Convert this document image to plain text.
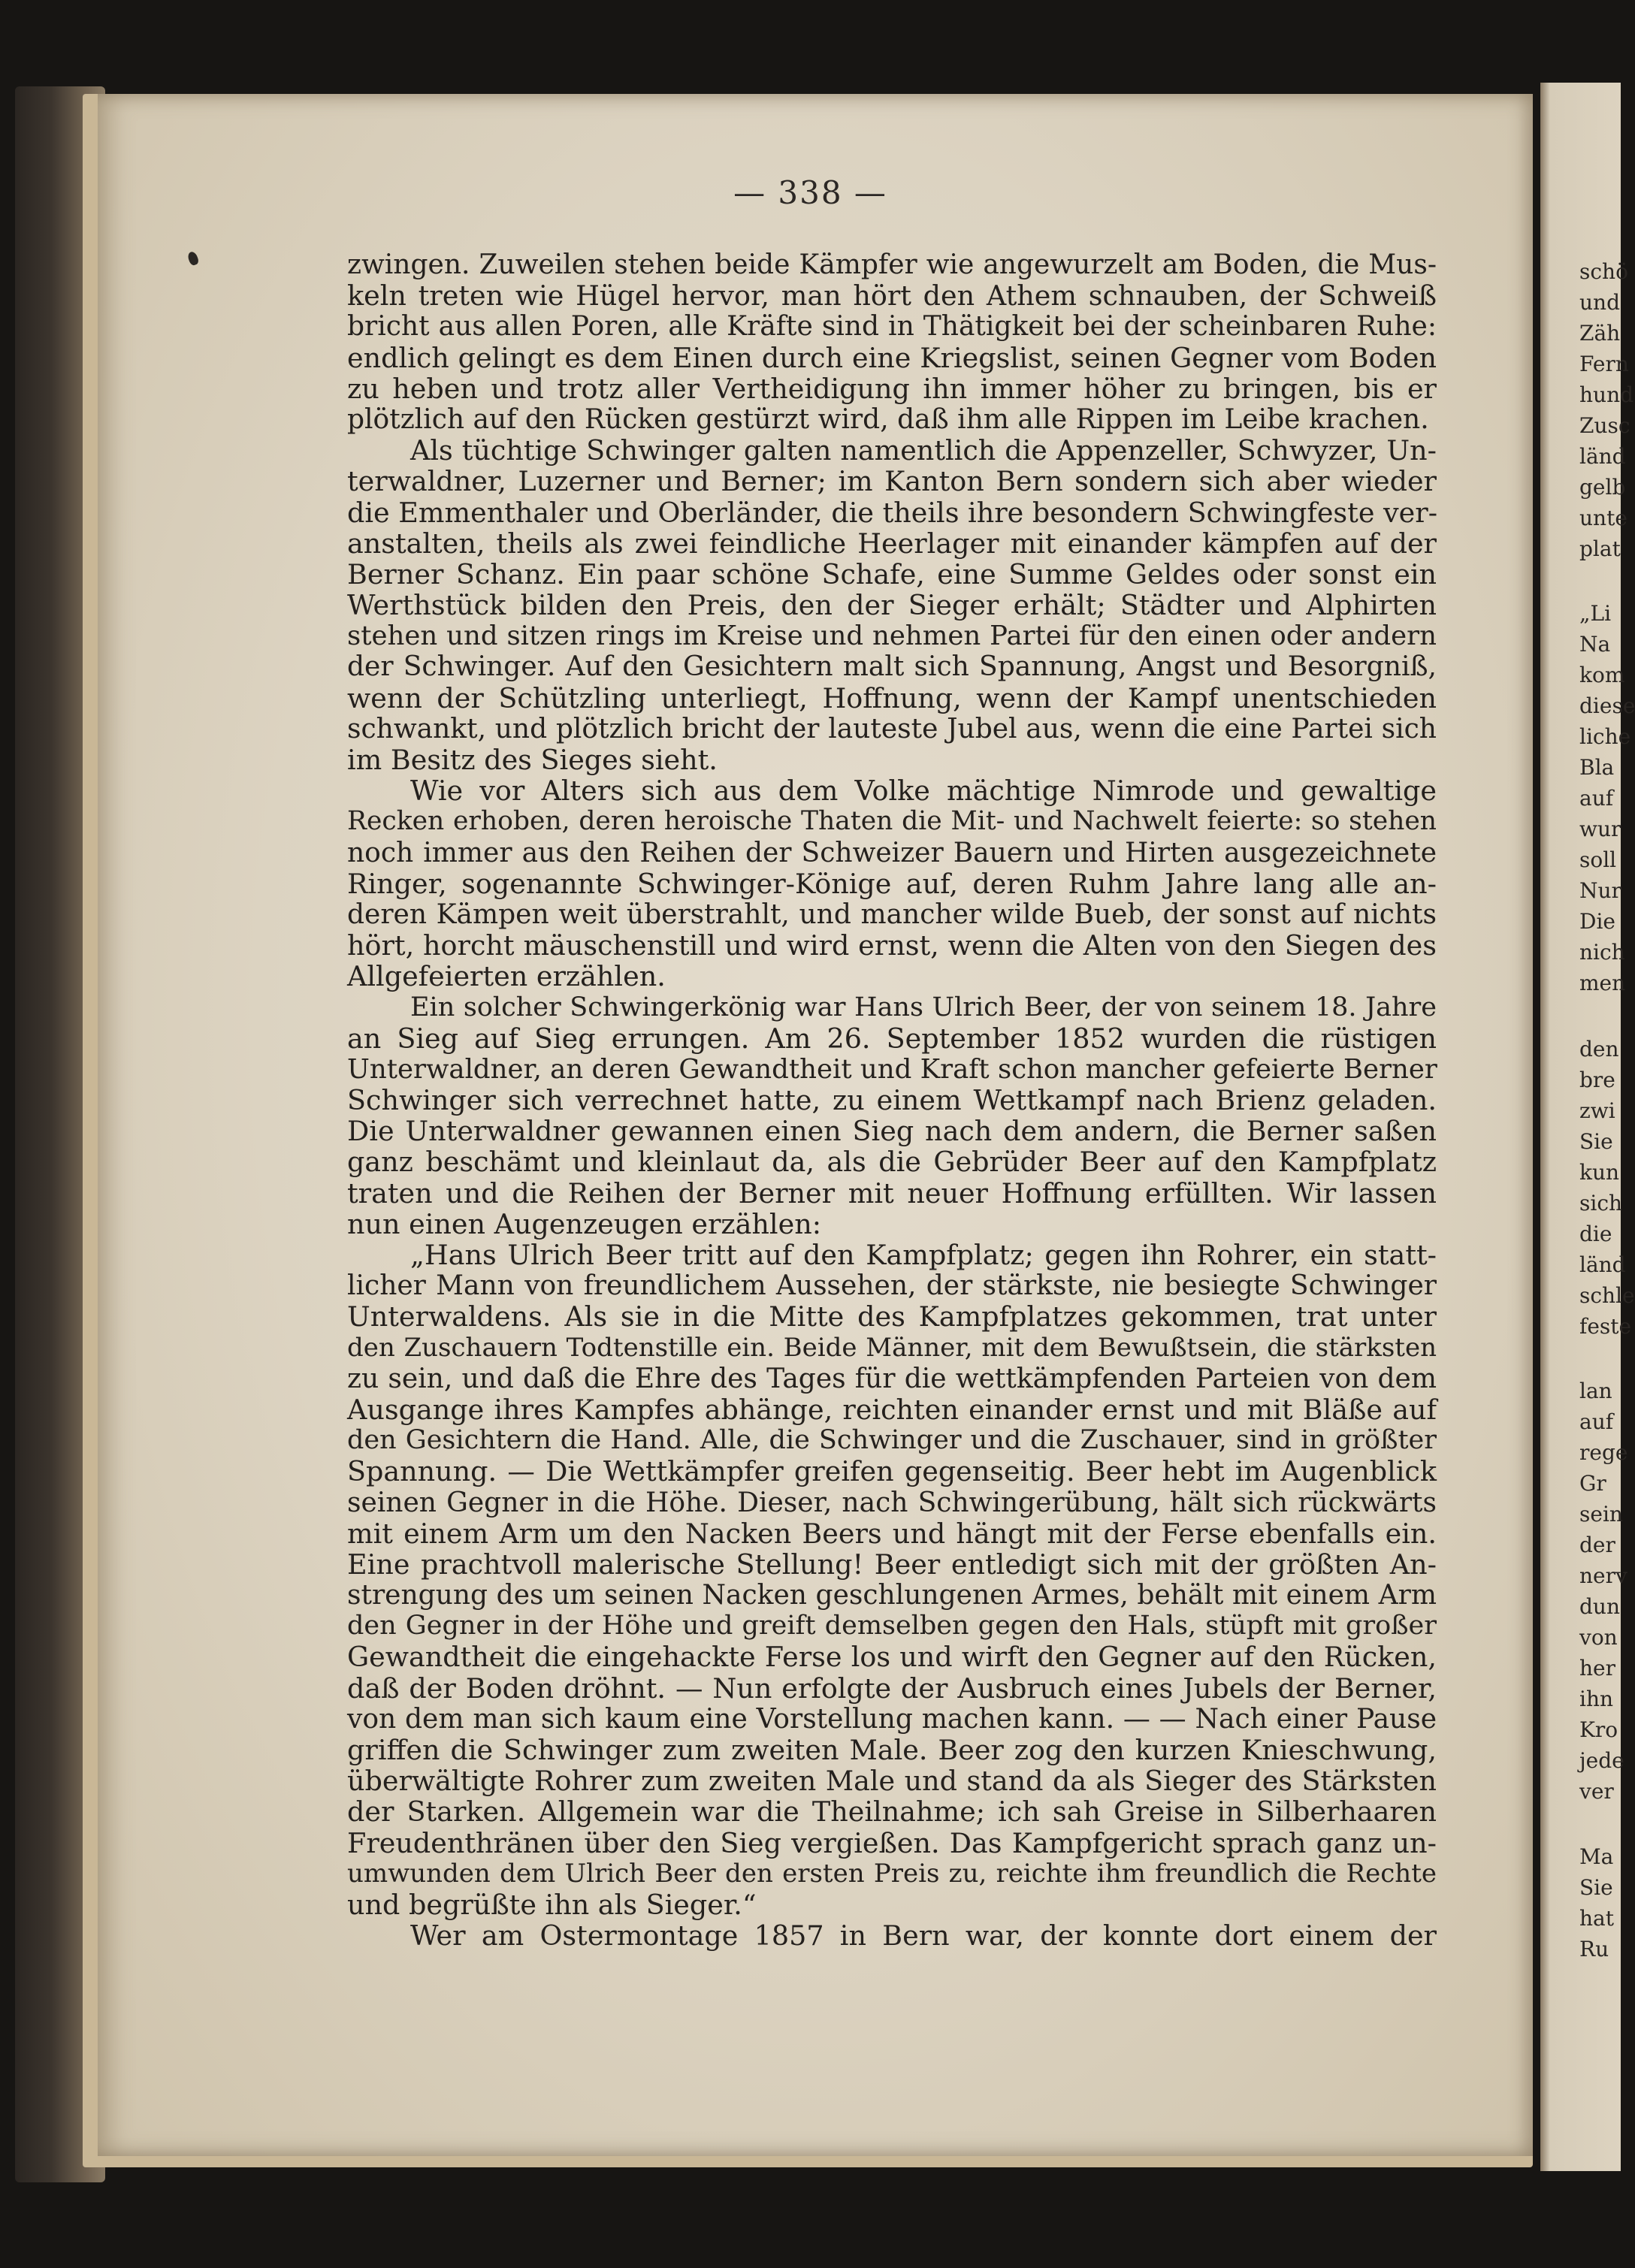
schö
und
Zäh
Fern
hund
Zusc
länd
gelb
unte
plat
„Li
Na
kom
diese
liche
Bla
auf
wur
soll
Nur
Die
nich
men
den
bre
zwi
Sie
kun
sich
die
länd
schle
feste
lan
auf
rege
Gr
sein
der
nerv
dun
von
her
ihn
Kro
jede
ver
Ma
Sie
hat
Ru
— 338 —
zwingen. Zuweilen stehen beide Kämpfer wie angewurzelt am Boden, die Mus-
keln treten wie Hügel hervor, man hört den Athem schnauben, der Schweiß
bricht aus allen Poren, alle Kräfte sind in Thätigkeit bei der scheinbaren Ruhe:
endlich gelingt es dem Einen durch eine Kriegslist, seinen Gegner vom Boden
zu heben und trotz aller Vertheidigung ihn immer höher zu bringen, bis er
plötzlich auf den Rücken gestürzt wird, daß ihm alle Rippen im Leibe krachen.
Als tüchtige Schwinger galten namentlich die Appenzeller, Schwyzer, Un-
terwaldner, Luzerner und Berner; im Kanton Bern sondern sich aber wieder
die Emmenthaler und Oberländer, die theils ihre besondern Schwingfeste ver-
anstalten, theils als zwei feindliche Heerlager mit einander kämpfen auf der
Berner Schanz. Ein paar schöne Schafe, eine Summe Geldes oder sonst ein
Werthstück bilden den Preis, den der Sieger erhält; Städter und Alphirten
stehen und sitzen rings im Kreise und nehmen Partei für den einen oder andern
der Schwinger. Auf den Gesichtern malt sich Spannung, Angst und Besorgniß,
wenn der Schützling unterliegt, Hoffnung, wenn der Kampf unentschieden
schwankt, und plötzlich bricht der lauteste Jubel aus, wenn die eine Partei sich
im Besitz des Sieges sieht.
Wie vor Alters sich aus dem Volke mächtige Nimrode und gewaltige
Recken erhoben, deren heroische Thaten die Mit- und Nachwelt feierte: so stehen
noch immer aus den Reihen der Schweizer Bauern und Hirten ausgezeichnete
Ringer, sogenannte Schwinger-Könige auf, deren Ruhm Jahre lang alle an-
deren Kämpen weit überstrahlt, und mancher wilde Bueb, der sonst auf nichts
hört, horcht mäuschenstill und wird ernst, wenn die Alten von den Siegen des
Allgefeierten erzählen.
Ein solcher Schwingerkönig war Hans Ulrich Beer, der von seinem 18. Jahre
an Sieg auf Sieg errungen. Am 26. September 1852 wurden die rüstigen
Unterwaldner, an deren Gewandtheit und Kraft schon mancher gefeierte Berner
Schwinger sich verrechnet hatte, zu einem Wettkampf nach Brienz geladen.
Die Unterwaldner gewannen einen Sieg nach dem andern, die Berner saßen
ganz beschämt und kleinlaut da, als die Gebrüder Beer auf den Kampfplatz
traten und die Reihen der Berner mit neuer Hoffnung erfüllten. Wir lassen
nun einen Augenzeugen erzählen:
„Hans Ulrich Beer tritt auf den Kampfplatz; gegen ihn Rohrer, ein statt-
licher Mann von freundlichem Aussehen, der stärkste, nie besiegte Schwinger
Unterwaldens. Als sie in die Mitte des Kampfplatzes gekommen, trat unter
den Zuschauern Todtenstille ein. Beide Männer, mit dem Bewußtsein, die stärksten
zu sein, und daß die Ehre des Tages für die wettkämpfenden Parteien von dem
Ausgange ihres Kampfes abhänge, reichten einander ernst und mit Bläße auf
den Gesichtern die Hand. Alle, die Schwinger und die Zuschauer, sind in größter
Spannung. — Die Wettkämpfer greifen gegenseitig. Beer hebt im Augenblick
seinen Gegner in die Höhe. Dieser, nach Schwingerübung, hält sich rückwärts
mit einem Arm um den Nacken Beers und hängt mit der Ferse ebenfalls ein.
Eine prachtvoll malerische Stellung! Beer entledigt sich mit der größten An-
strengung des um seinen Nacken geschlungenen Armes, behält mit einem Arm
den Gegner in der Höhe und greift demselben gegen den Hals, stüpft mit großer
Gewandtheit die eingehackte Ferse los und wirft den Gegner auf den Rücken,
daß der Boden dröhnt. — Nun erfolgte der Ausbruch eines Jubels der Berner,
von dem man sich kaum eine Vorstellung machen kann. — — Nach einer Pause
griffen die Schwinger zum zweiten Male. Beer zog den kurzen Knieschwung,
überwältigte Rohrer zum zweiten Male und stand da als Sieger des Stärksten
der Starken. Allgemein war die Theilnahme; ich sah Greise in Silberhaaren
Freudenthränen über den Sieg vergießen. Das Kampfgericht sprach ganz un-
umwunden dem Ulrich Beer den ersten Preis zu, reichte ihm freundlich die Rechte
und begrüßte ihn als Sieger.“
Wer am Ostermontage 1857 in Bern war, der konnte dort einem der
